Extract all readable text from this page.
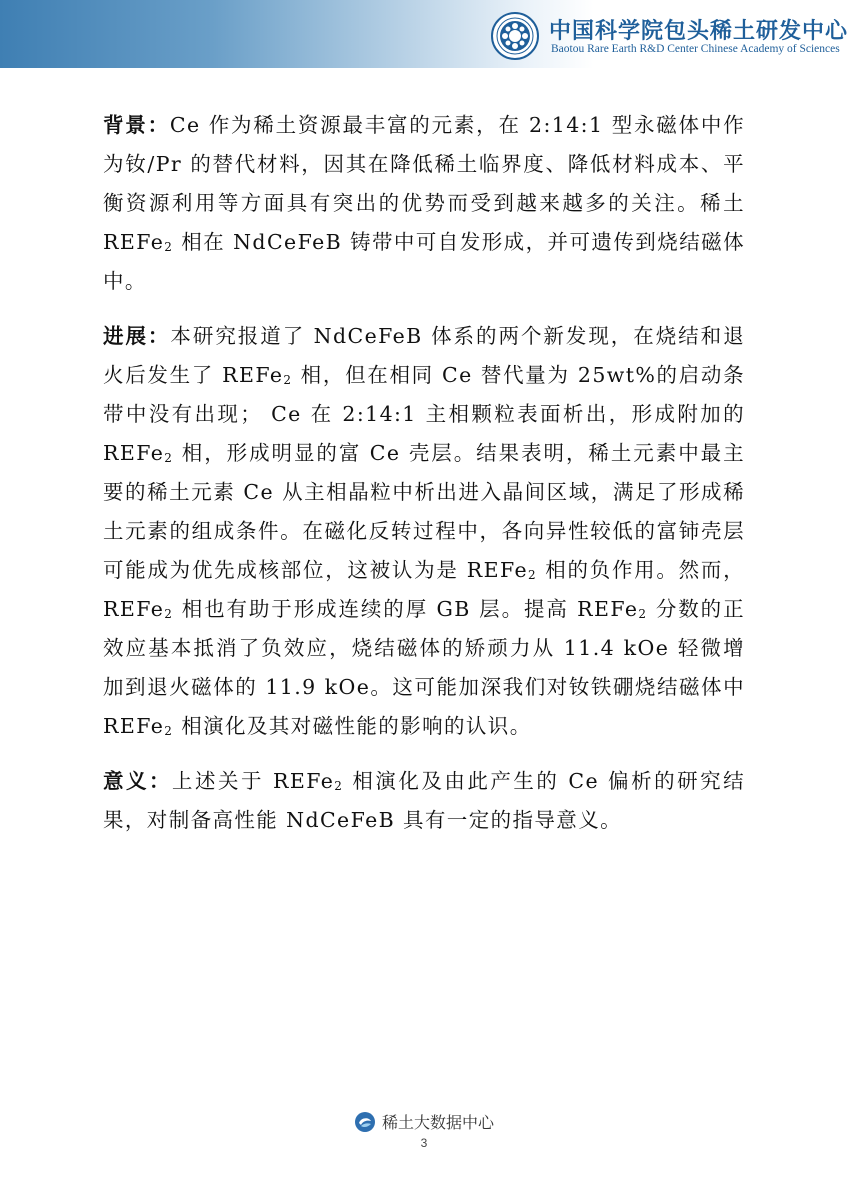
中国科学院包头稀土研发中心
Baotou Rare Earth R&D Center Chinese Academy of Sciences

背景：Ce 作为稀土资源最丰富的元素，在 2:14:1 型永磁体中作为钕/Pr 的替代材料，因其在降低稀土临界度、降低材料成本、平衡资源利用等方面具有突出的优势而受到越来越多的关注。稀土 REFe$_2$ 相在 NdCeFeB 铸带中可自发形成，并可遗传到烧结磁体中。

进展：本研究报道了 NdCeFeB 体系的两个新发现，在烧结和退火后发生了 REFe$_2$ 相，但在相同 Ce 替代量为 25wt%的启动条带中没有出现； Ce 在 2:14:1 主相颗粒表面析出，形成附加的 REFe$_2$ 相，形成明显的富 Ce 壳层。结果表明，稀土元素中最主要的稀土元素 Ce 从主相晶粒中析出进入晶间区域，满足了形成稀土元素的组成条件。在磁化反转过程中，各向异性较低的富铈壳层可能成为优先成核部位，这被认为是 REFe$_2$ 相的负作用。然而，REFe$_2$ 相也有助于形成连续的厚 GB 层。提高 REFe$_2$ 分数的正效应基本抵消了负效应，烧结磁体的矫顽力从 11.4 kOe 轻微增加到退火磁体的 11.9 kOe。这可能加深我们对钕铁硼烧结磁体中 REFe$_2$ 相演化及其对磁性能的影响的认识。

意义：上述关于 REFe$_2$ 相演化及由此产生的 Ce 偏析的研究结果，对制备高性能 NdCeFeB 具有一定的指导意义。

稀土大数据中心
3
